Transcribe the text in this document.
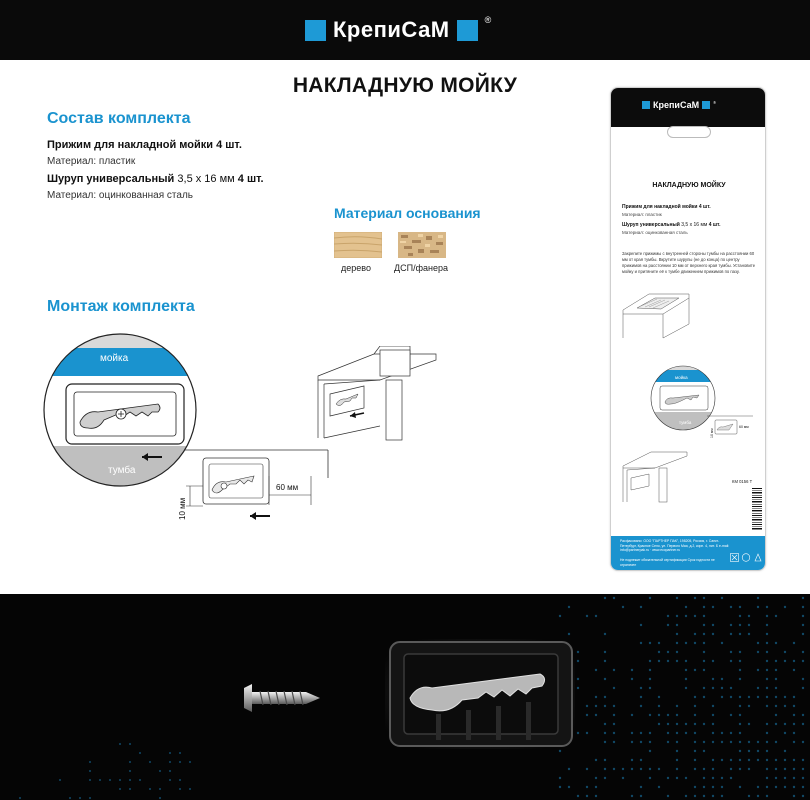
КрепиСаМ	®
НАКЛАДНУЮ МОЙКУ
Состав комплекта
Прижим для накладной мойки 4 шт.
Материал: пластик
Шуруп универсальный 3,5 х 16 мм 4 шт.
Материал: оцинкованная сталь
Материал основания
дерево	ДСП/фанера
Монтаж комплекта
мойка
тумба
60 мм
10 мм
КрепиСаМ	®
НАКЛАДНУЮ МОЙКУ
Прижим для накладной мойки 4 шт.
Материал: пластик
Шуруп универсальный 3,5 х 16 мм 4 шт.
Материал: оцинкованная сталь
Закрепите прижимы с внутренней стороны тумбы на расстоянии 60 мм от края тумбы. Вкрутите шурупы (не до конца) по центру прижимов на расстоянии 10 мм от верхнего края тумбы. Установите мойку и притяните её к тумбе движением прижимов по пазу.
мойка
тумба
60 мм
10 мм
КМ 0156 Т
Расфасовано: ООО "ПАРТНЕР ПАК", 198205, Россия, г. Санкт-Петербург, Красное Село, ул. Первого Мая, д.2, корп. 4, лит. Б e-mail: info@partnerpak.ru · www.ecopartner.ru
Не подлежит обязательной сертификации Срок годности не ограничен
